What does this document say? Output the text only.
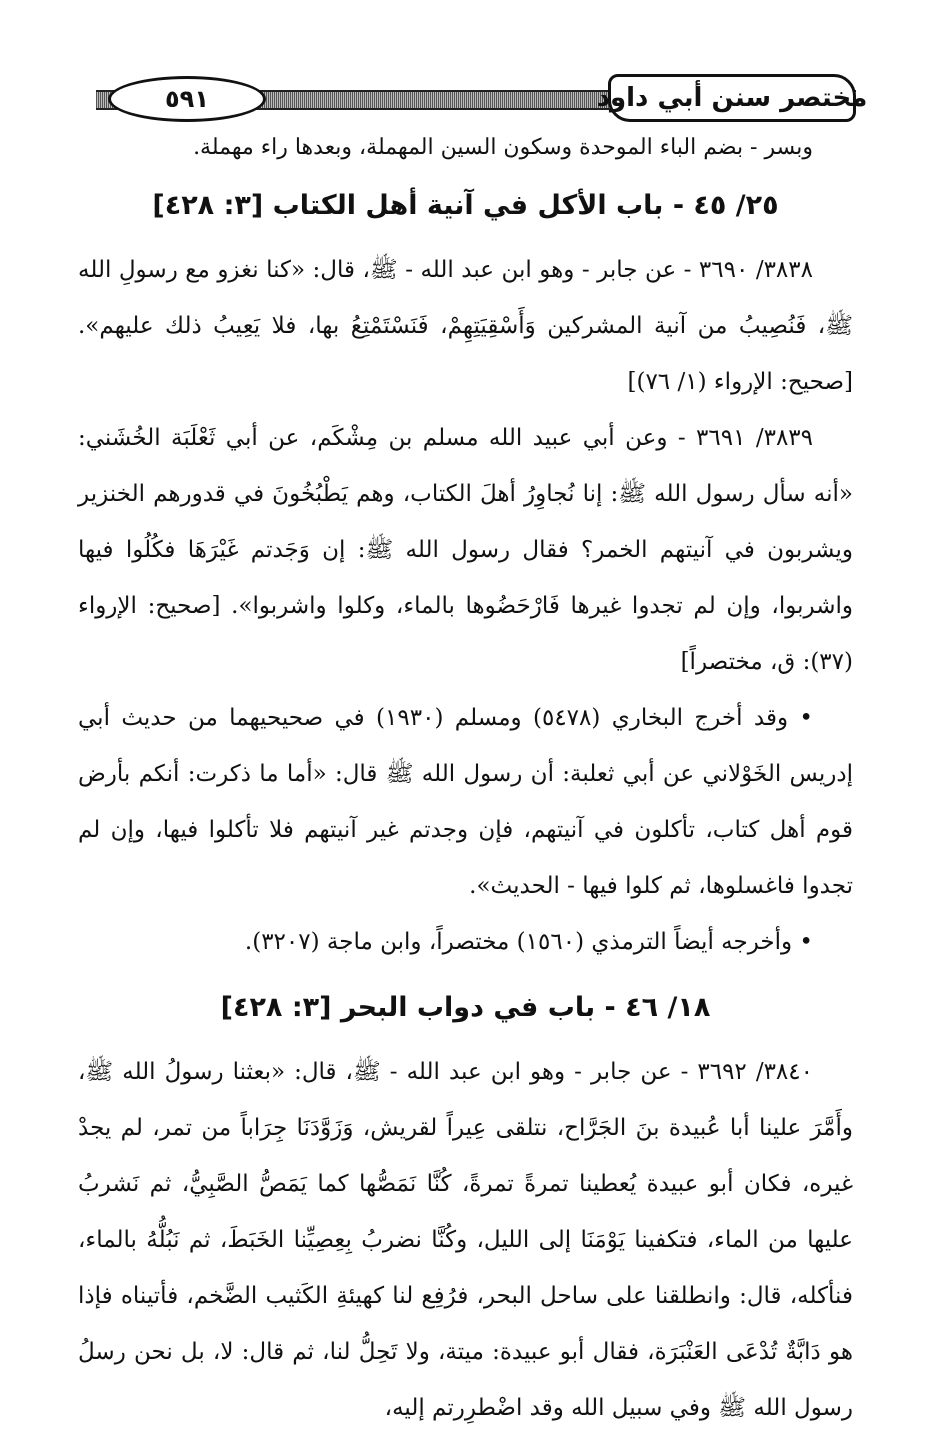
مختصر سنن أبي داود
٥٩١

وبسر - بضم الباء الموحدة وسكون السين المهملة، وبعدها راء مهملة.

٢٥/ ٤٥ - باب الأكل في آنية أهل الكتاب [٣: ٤٢٨]

٣٨٣٨/ ٣٦٩٠ - عن جابر - وهو ابن عبد الله - ﷺ، قال: «كنا نغزو مع رسولِ الله ﷺ، فَنُصِيبُ من آنية المشركين وَأَسْقِيَتِهِمْ، فَنَسْتَمْتِعُ بها، فلا يَعِيبُ ذلك عليهم». [صحيح: الإرواء (١/ ٧٦)]

٣٨٣٩/ ٣٦٩١ - وعن أبي عبيد الله مسلم بن مِشْكَم، عن أبي ثَعْلَبَة الخُشَني: «أنه سأل رسول الله ﷺ: إنا نُجاوِرُ أهلَ الكتاب، وهم يَطْبُخُونَ في قدورهم الخنزير ويشربون في آنيتهم الخمر؟ فقال رسول الله ﷺ: إن وَجَدتم غَيْرَهَا فكُلُوا فيها واشربوا، وإن لم تجدوا غيرها فَارْحَضُوها بالماء، وكلوا واشربوا». [صحيح: الإرواء (٣٧): ق، مختصراً]

• وقد أخرج البخاري (٥٤٧٨) ومسلم (١٩٣٠) في صحيحيهما من حديث أبي إدريس الخَوْلاني عن أبي ثعلبة: أن رسول الله ﷺ قال: «أما ما ذكرت: أنكم بأرض قوم أهل كتاب، تأكلون في آنيتهم، فإن وجدتم غير آنيتهم فلا تأكلوا فيها، وإن لم تجدوا فاغسلوها، ثم كلوا فيها - الحديث».

• وأخرجه أيضاً الترمذي (١٥٦٠) مختصراً، وابن ماجة (٣٢٠٧).

١٨/ ٤٦ - باب في دواب البحر [٣: ٤٢٨]

٣٨٤٠/ ٣٦٩٢ - عن جابر - وهو ابن عبد الله - ﷺ، قال: «بعثنا رسولُ الله ﷺ، وأَمَّرَ علينا أبا عُبيدة بنَ الجَرَّاح، نتلقى عِيراً لقريش، وَزَوَّدَنَا جِرَاباً من تمر، لم يجدْ غيره، فكان أبو عبيدة يُعطينا تمرةً تمرةً، كُنَّا نَمَصُّها كما يَمَصُّ الصَّبِيُّ، ثم نَشربُ عليها من الماء، فتكفينا يَوْمَنَا إلى الليل، وكُنَّا نضربُ بِعِصِيِّنا الخَبَطَ، ثم نَبُلُّهُ بالماء، فنأكله، قال: وانطلقنا على ساحل البحر، فرُفِع لنا كهيئةِ الكَثيب الضَّخم، فأتيناه فإذا هو دَابَّةٌ تُدْعَى العَنْبَرَة، فقال أبو عبيدة: ميتة، ولا تَحِلُّ لنا، ثم قال: لا، بل نحن رسلُ رسول الله ﷺ وفي سبيل الله وقد اضْطرِرتم إليه،
